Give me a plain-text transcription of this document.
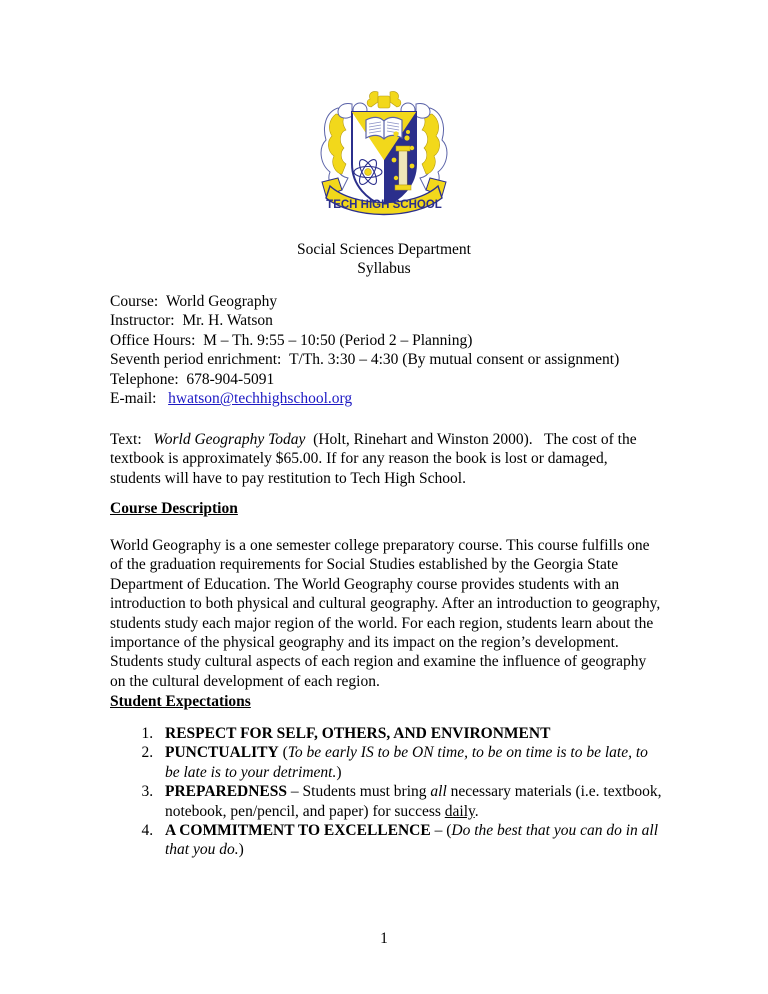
TECH HIGH SCHOOL
Social Sciences Department
Syllabus
Course: World Geography
Instructor: Mr. H. Watson
Office Hours: M – Th. 9:55 – 10:50 (Period 2 – Planning)
Seventh period enrichment: T/Th. 3:30 – 4:30 (By mutual consent or assignment)
Telephone: 678-904-5091
E-mail: hwatson@techhighschool.org
Text: World Geography Today (Holt, Rinehart and Winston 2000). The cost of the textbook is approximately $65.00. If for any reason the book is lost or damaged, students will have to pay restitution to Tech High School.
Course Description
World Geography is a one semester college preparatory course. This course fulfills one of the graduation requirements for Social Studies established by the Georgia State Department of Education. The World Geography course provides students with an introduction to both physical and cultural geography. After an introduction to geography, students study each major region of the world. For each region, students learn about the importance of the physical geography and its impact on the region’s development. Students study cultural aspects of each region and examine the influence of geography on the cultural development of each region.
Student Expectations
1. RESPECT FOR SELF, OTHERS, AND ENVIRONMENT
2. PUNCTUALITY (To be early IS to be ON time, to be on time is to be late, to be late is to your detriment.)
3. PREPAREDNESS – Students must bring all necessary materials (i.e. textbook, notebook, pen/pencil, and paper) for success daily.
4. A COMMITMENT TO EXCELLENCE – (Do the best that you can do in all that you do.)
1
